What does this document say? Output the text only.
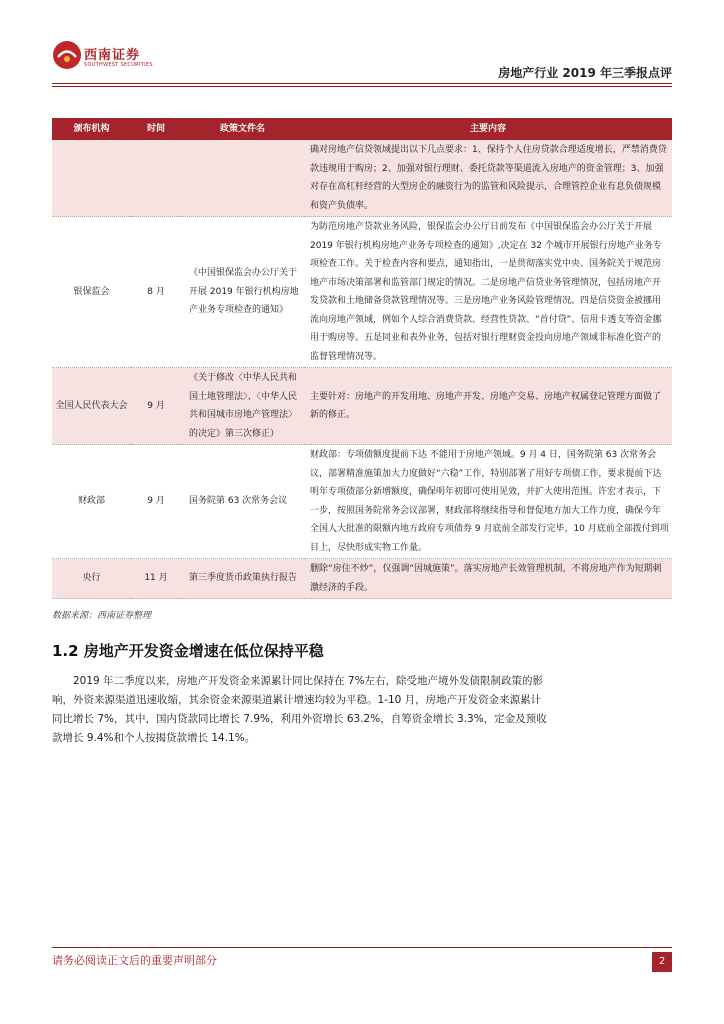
西南证券
SOUTHWEST SECURITIES
房地产行业 2019 年三季报点评
颁布机构	时间	政策文件名	主要内容
			确对房地产信贷领域提出以下几点要求：1、保持个人住房贷款合理适度增长，严禁消费贷款违规用于购房；2、加强对银行理财、委托贷款等渠道流入房地产的资金管理；3、加强对存在高杠杆经营的大型房企的融资行为的监管和风险提示，合理管控企业有息负债规模和资产负债率。
银保监会	8 月	《中国银保监会办公厅关于开展 2019 年银行机构房地产业务专项检查的通知》	为防范房地产贷款业务风险，银保监会办公厅日前发布《中国银保监会办公厅关于开展 2019 年银行机构房地产业务专项检查的通知》,决定在 32 个城市开展银行房地产业务专项检查工作。关于检查内容和要点，通知指出，一是贯彻落实党中央、国务院关于规范房地产市场决策部署和监管部门规定的情况。二是房地产信贷业务管理情况，包括房地产开发贷款和土地储备贷款管理情况等。三是房地产业务风险管理情况。四是信贷资金被挪用流向房地产领域，例如个人综合消费贷款、经营性贷款、“首付贷”、信用卡透支等资金挪用于购房等。五是同业和表外业务，包括对银行理财资金投向房地产领域非标准化资产的监督管理情况等。
全国人民代表大会	9 月	《关于修改〈中华人民共和国土地管理法〉、〈中华人民共和国城市房地产管理法〉的决定》第三次修正）	主要针对：房地产的开发用地、房地产开发、房地产交易、房地产权属登记管理方面做了新的修正。
财政部	9 月	国务院第 63 次常务会议	财政部：专项债额度提前下达 不能用于房地产领域。9 月 4 日，国务院第 63 次常务会议，部署精准施策加大力度做好“六稳”工作，特别部署了用好专项债工作，要求提前下达明年专项债部分新增额度，确保明年初即可使用见效，并扩大使用范围。许宏才表示，下一步，按照国务院常务会议部署，财政部将继续指导和督促地方加大工作力度，确保今年全国人大批准的限额内地方政府专项债券 9 月底前全部发行完毕，10 月底前全部拨付到项目上，尽快形成实物工作量。
央行	11 月	第三季度货币政策执行报告	删除“房住不炒”，仅强调“因城施策”。落实房地产长效管理机制，不将房地产作为短期刺激经济的手段。
数据来源：西南证券整理
1.2 房地产开发资金增速在低位保持平稳

2019 年二季度以来，房地产开发资金来源累计同比保持在 7%左右，除受地产境外发债限制政策的影响，外资来源渠道迅速收缩，其余资金来源渠道累计增速均较为平稳。1-10 月，房地产开发资金来源累计同比增长 7%，其中，国内贷款同比增长 7.9%，利用外资增长 63.2%，自筹资金增长 3.3%，定金及预收款增长 9.4%和个人按揭贷款增长 14.1%。

请务必阅读正文后的重要声明部分	2
